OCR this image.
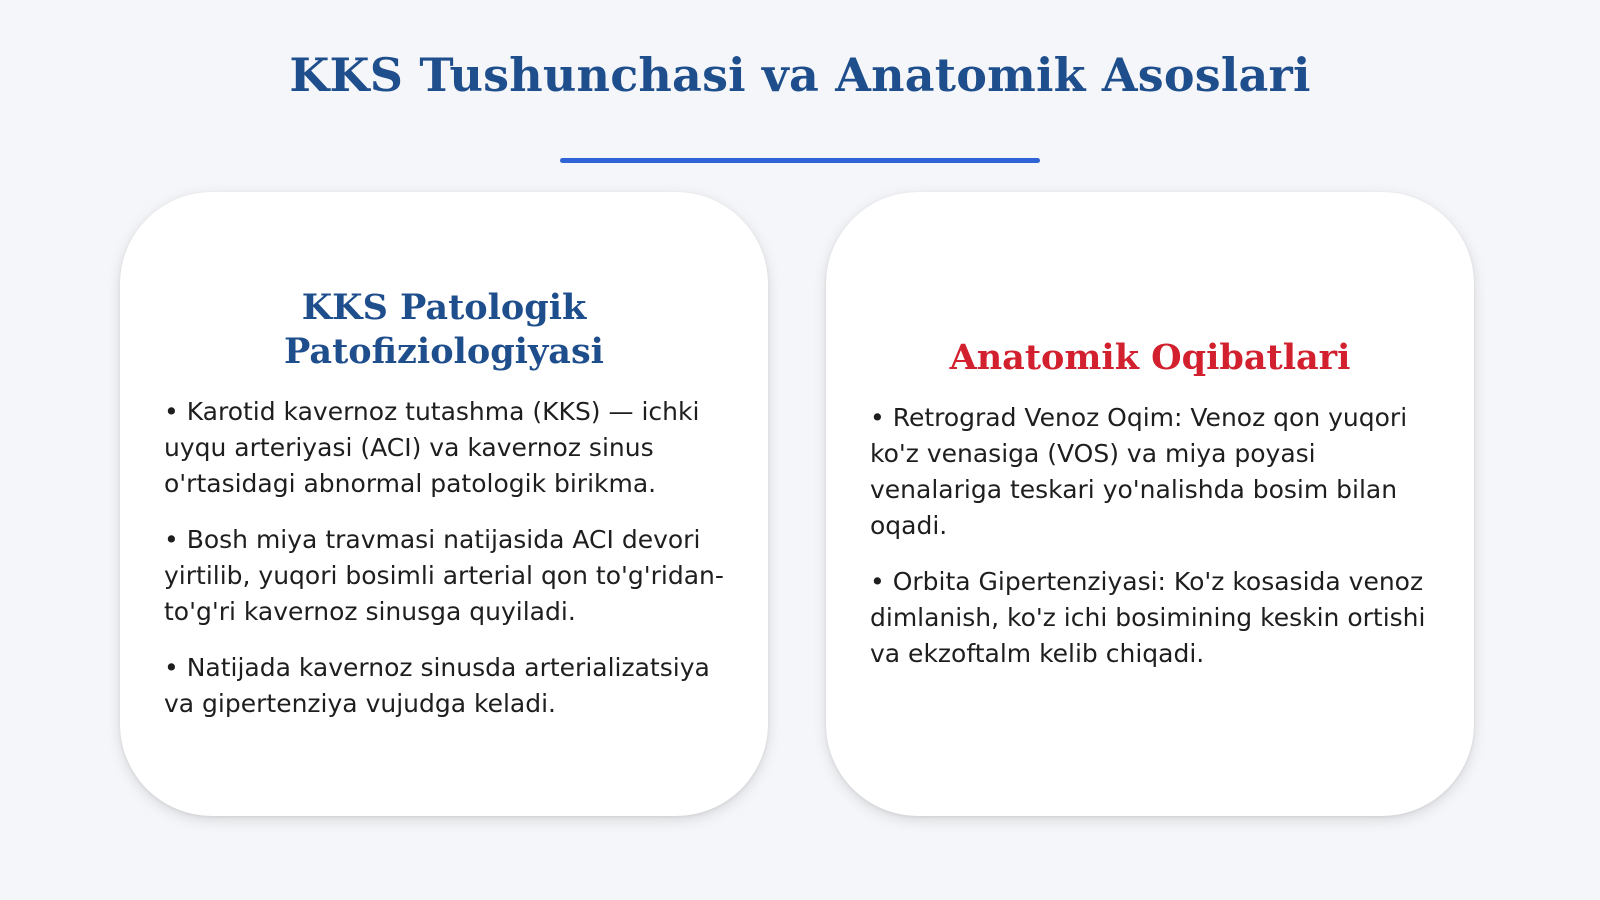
KKS Tushunchasi va Anatomik Asoslari
KKS Patologik Patofiziologiyasi

• Karotid kavernoz tutashma (KKS) — ichki uyqu arteriyasi (ACI) va kavernoz sinus o'rtasidagi abnormal patologik birikma.

• Bosh miya travmasi natijasida ACI devori yirtilib, yuqori bosimli arterial qon to'g'ridan-to'g'ri kavernoz sinusga quyiladi.

• Natijada kavernoz sinusda arterializatsiya va gipertenziya vujudga keladi.

Anatomik Oqibatlari

• Retrograd Venoz Oqim: Venoz qon yuqori ko'z venasiga (VOS) va miya poyasi venalariga teskari yo'nalishda bosim bilan oqadi.

• Orbita Gipertenziyasi: Ko'z kosasida venoz dimlanish, ko'z ichi bosimining keskin ortishi va ekzoftalm kelib chiqadi.
